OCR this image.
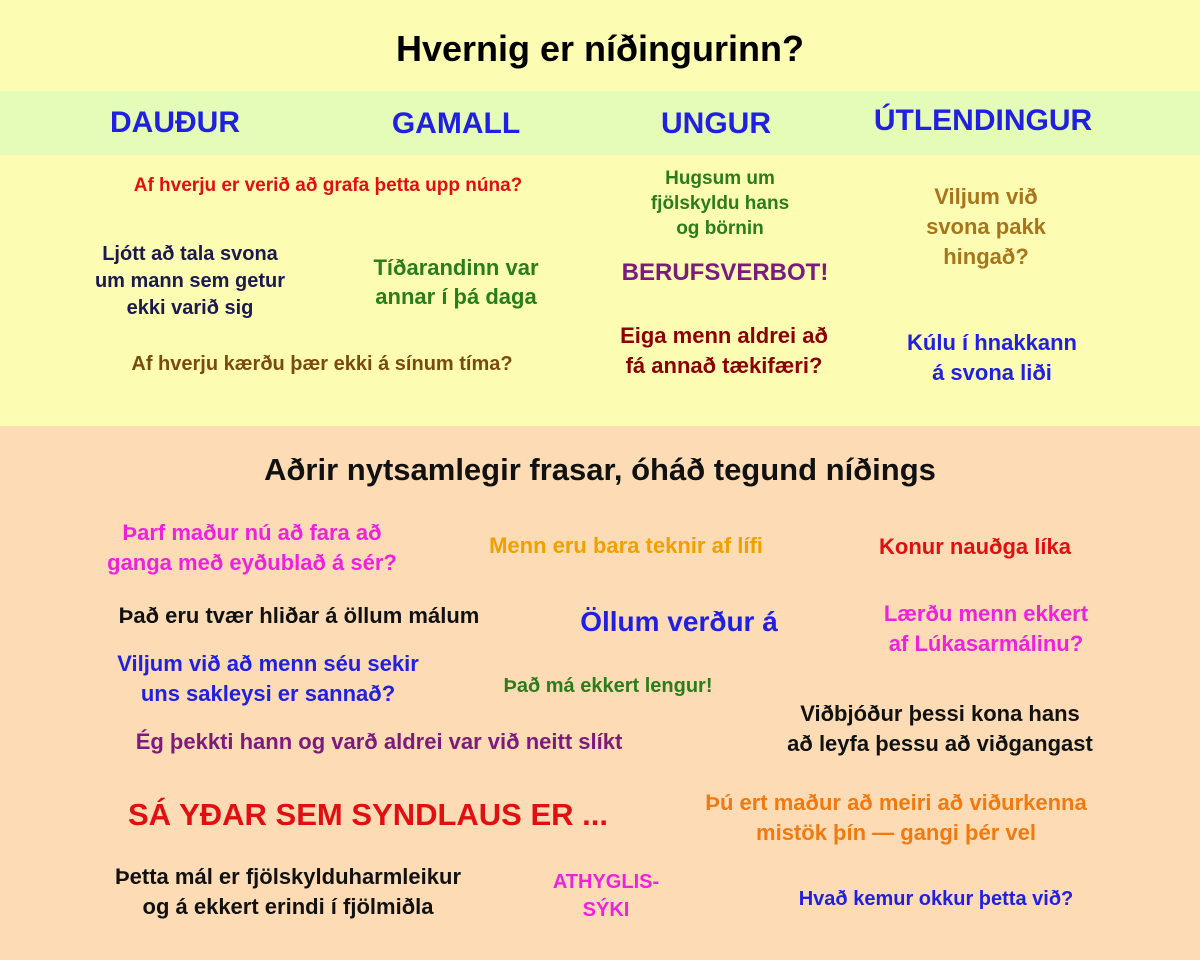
Hvernig er níðingurinn?
DAUÐUR	GAMALL	UNGUR	ÚTLENDINGUR
Af hverju er verið að grafa þetta upp núna?
Ljótt að tala svona
um mann sem getur
ekki varið sig
Tíðarandinn var
annar í þá daga
Af hverju kærðu þær ekki á sínum tíma?
Hugsum um
fjölskyldu hans
og börnin
BERUFSVERBOT!
Eiga menn aldrei að
fá annað tækifæri?
Viljum við
svona pakk
hingað?
Kúlu í hnakkann
á svona liði
Aðrir nytsamlegir frasar, óháð tegund níðings
Þarf maður nú að fara að
ganga með eyðublað á sér?
Menn eru bara teknir af lífi	Konur nauðga líka
Það eru tvær hliðar á öllum málum	Öllum verður á	Lærðu menn ekkert
af Lúkasarmálinu?
Viljum við að menn séu sekir
uns sakleysi er sannað?	Það má ekkert lengur!
Viðbjóður þessi kona hans
að leyfa þessu að viðgangast
Ég þekkti hann og varð aldrei var við neitt slíkt
SÁ YÐAR SEM SYNDLAUS ER ...	Þú ert maður að meiri að viðurkenna
mistök þín — gangi þér vel
Þetta mál er fjölskylduharmleikur
og á ekkert erindi í fjölmiðla
ATHYGLIS-
SÝKI	Hvað kemur okkur þetta við?
